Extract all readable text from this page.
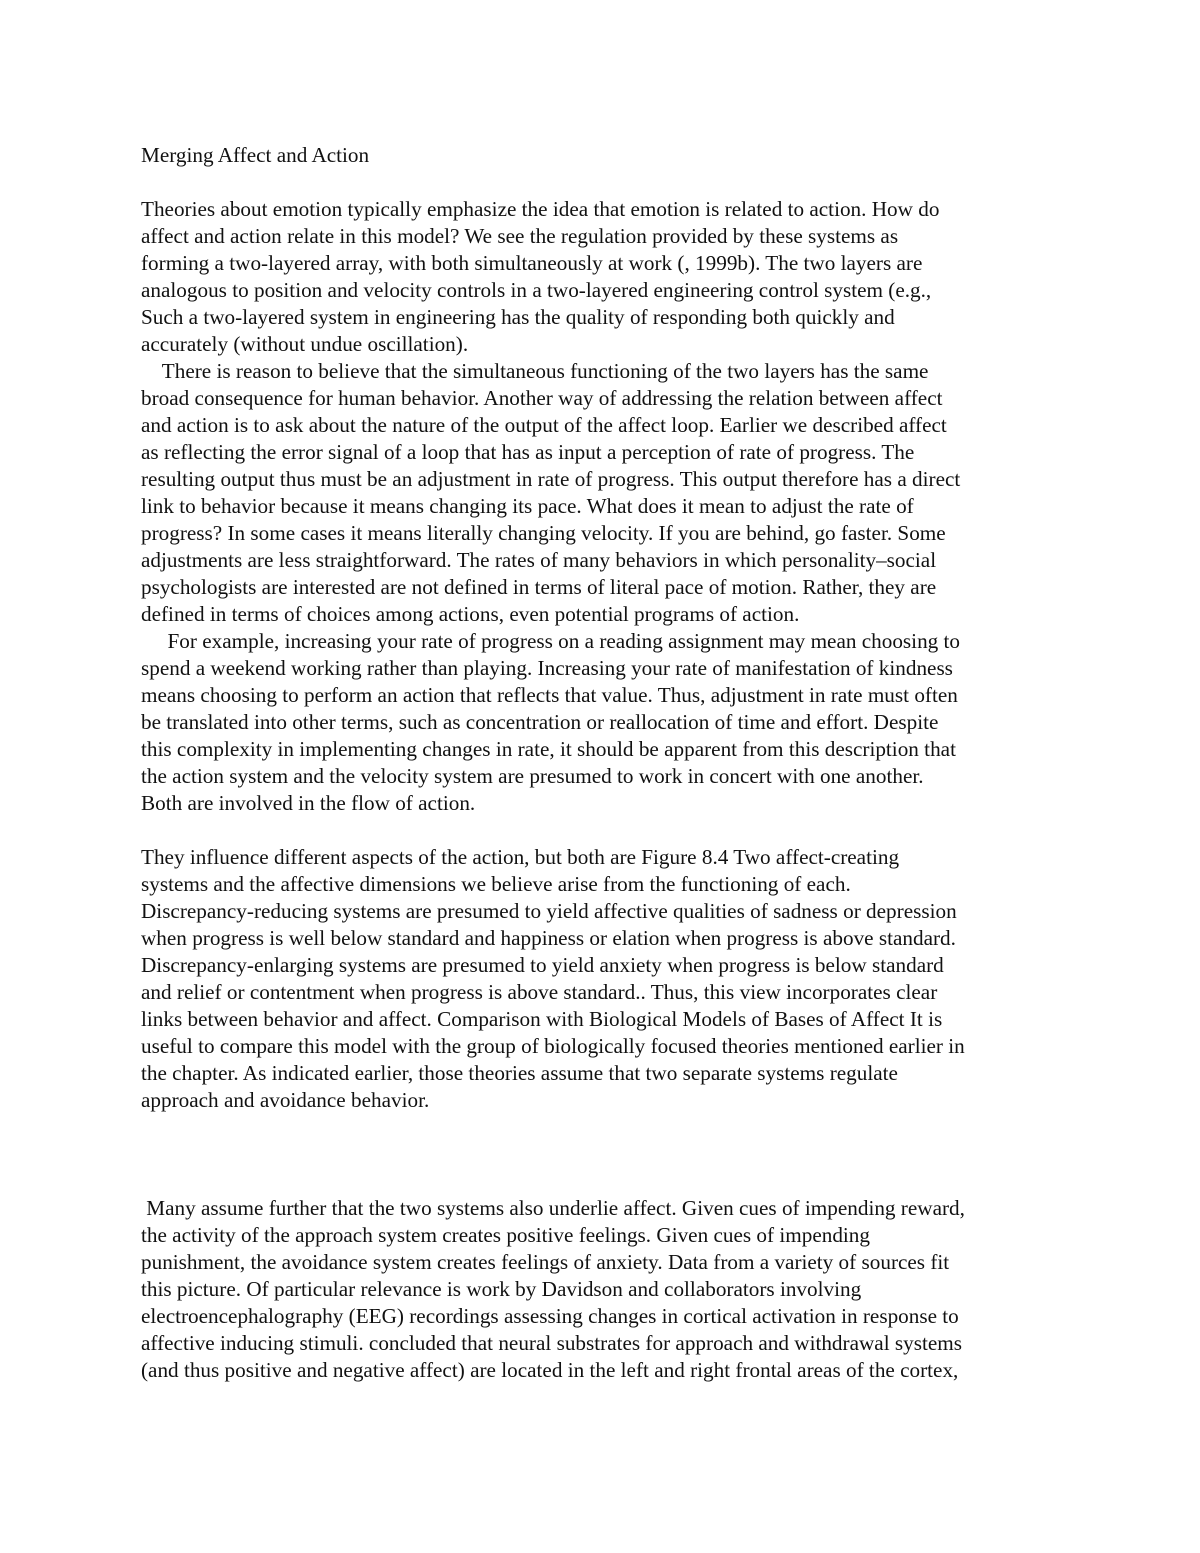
Merging Affect and Action

Theories about emotion typically emphasize the idea that emotion is related to action. How do

affect and action relate in this model? We see the regulation provided by these systems as

forming a two-layered array, with both simultaneously at work (, 1999b). The two layers are

analogous to position and velocity controls in a two-layered engineering control system (e.g.,

Such a two-layered system in engineering has the quality of responding both quickly and

accurately (without undue oscillation).

There is reason to believe that the simultaneous functioning of the two layers has the same

broad consequence for human behavior. Another way of addressing the relation between affect

and action is to ask about the nature of the output of the affect loop. Earlier we described affect

as reflecting the error signal of a loop that has as input a perception of rate of progress. The

resulting output thus must be an adjustment in rate of progress. This output therefore has a direct

link to behavior because it means changing its pace. What does it mean to adjust the rate of

progress? In some cases it means literally changing velocity. If you are behind, go faster. Some

adjustments are less straightforward. The rates of many behaviors in which personality–social

psychologists are interested are not defined in terms of literal pace of motion. Rather, they are

defined in terms of choices among actions, even potential programs of action.

For example, increasing your rate of progress on a reading assignment may mean choosing to

spend a weekend working rather than playing. Increasing your rate of manifestation of kindness

means choosing to perform an action that reflects that value. Thus, adjustment in rate must often

be translated into other terms, such as concentration or reallocation of time and effort. Despite

this complexity in implementing changes in rate, it should be apparent from this description that

the action system and the velocity system are presumed to work in concert with one another.

Both are involved in the flow of action.

They influence different aspects of the action, but both are Figure 8.4 Two affect-creating

systems and the affective dimensions we believe arise from the functioning of each.

Discrepancy-reducing systems are presumed to yield affective qualities of sadness or depression

when progress is well below standard and happiness or elation when progress is above standard.

Discrepancy-enlarging systems are presumed to yield anxiety when progress is below standard

and relief or contentment when progress is above standard.. Thus, this view incorporates clear

links between behavior and affect. Comparison with Biological Models of Bases of Affect It is

useful to compare this model with the group of biologically focused theories mentioned earlier in

the chapter. As indicated earlier, those theories assume that two separate systems regulate

approach and avoidance behavior.

Many assume further that the two systems also underlie affect. Given cues of impending reward,

the activity of the approach system creates positive feelings. Given cues of impending

punishment, the avoidance system creates feelings of anxiety. Data from a variety of sources fit

this picture. Of particular relevance is work by Davidson and collaborators involving

electroencephalography (EEG) recordings assessing changes in cortical activation in response to

affective inducing stimuli. concluded that neural substrates for approach and withdrawal systems

(and thus positive and negative affect) are located in the left and right frontal areas of the cortex,
